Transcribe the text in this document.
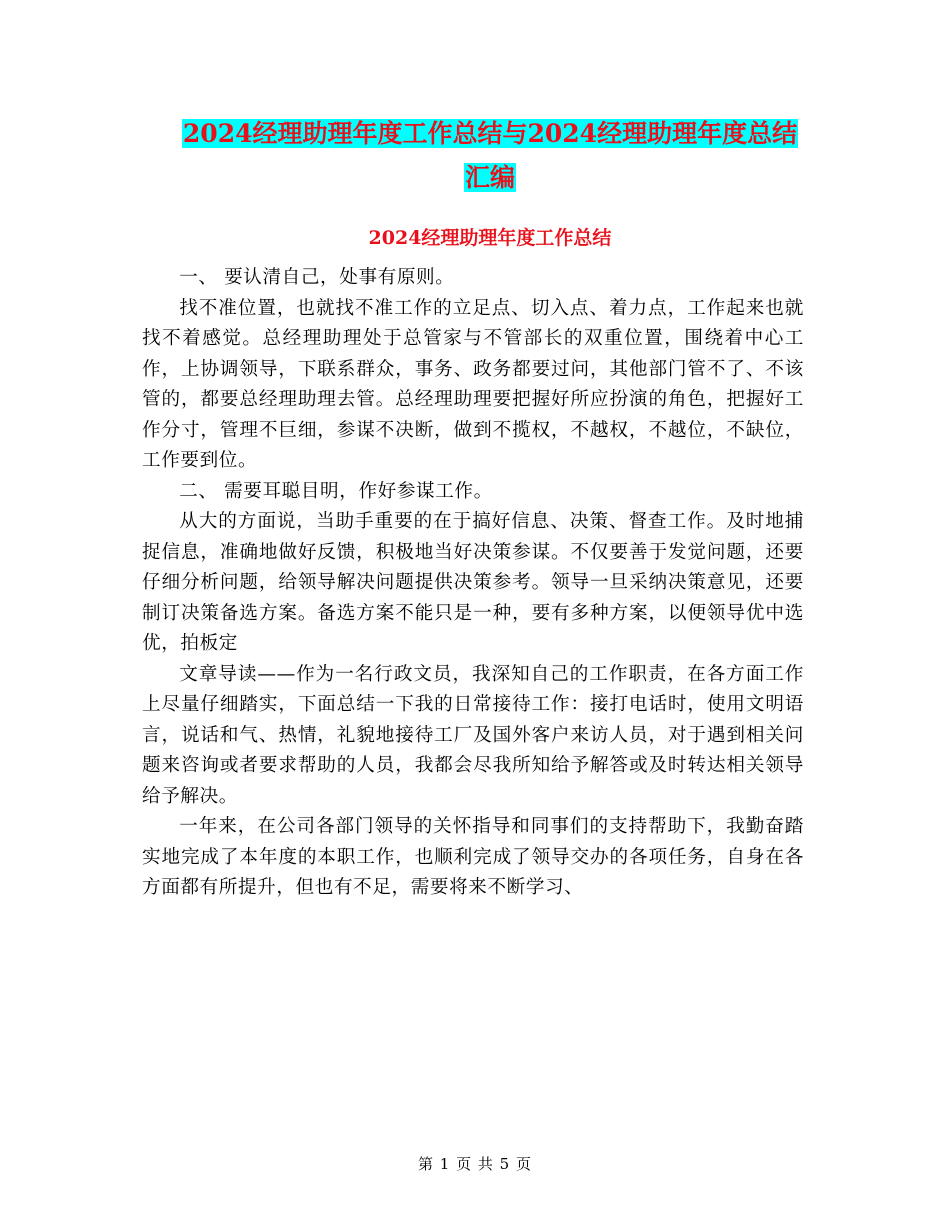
2024经理助理年度工作总结与2024经理助理年度总结
汇编
2024经理助理年度工作总结

一、 要认清自己，处事有原则。

找不准位置，也就找不准工作的立足点、切入点、着力点，工作起来也就找不着感觉。总经理助理处于总管家与不管部长的双重位置，围绕着中心工作，上协调领导，下联系群众，事务、政务都要过问，其他部门管不了、不该管的，都要总经理助理去管。总经理助理要把握好所应扮演的角色，把握好工作分寸，管理不巨细，参谋不决断，做到不揽权，不越权，不越位，不缺位，工作要到位。

二、 需要耳聪目明，作好参谋工作。

从大的方面说，当助手重要的在于搞好信息、决策、督查工作。及时地捕捉信息，准确地做好反馈，积极地当好决策参谋。不仅要善于发觉问题，还要仔细分析问题，给领导解决问题提供决策参考。领导一旦采纳决策意见，还要制订决策备选方案。备选方案不能只是一种，要有多种方案，以便领导优中选优，拍板定

文章导读——作为一名行政文员，我深知自己的工作职责，在各方面工作上尽量仔细踏实，下面总结一下我的日常接待工作：接打电话时，使用文明语言，说话和气、热情，礼貌地接待工厂及国外客户来访人员，对于遇到相关问题来咨询或者要求帮助的人员，我都会尽我所知给予解答或及时转达相关领导给予解决。

一年来，在公司各部门领导的关怀指导和同事们的支持帮助下，我勤奋踏实地完成了本年度的本职工作，也顺利完成了领导交办的各项任务，自身在各方面都有所提升，但也有不足，需要将来不断学习、

第 1 页 共 5 页
